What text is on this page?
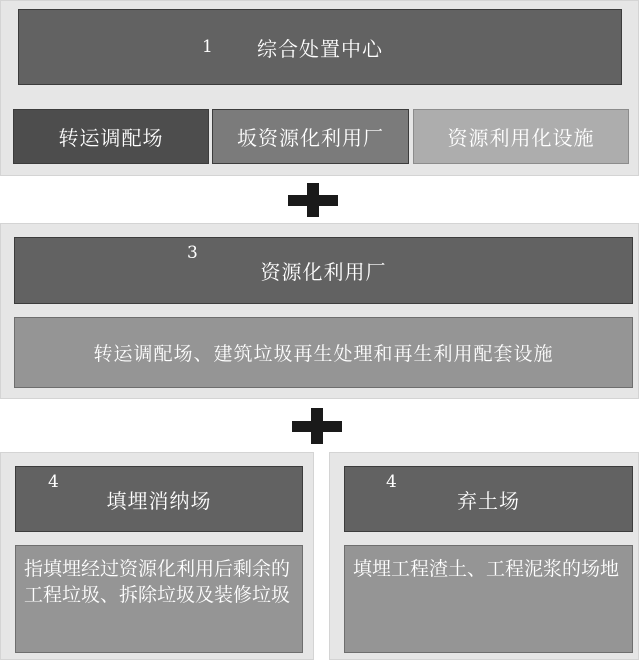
综合处置中心
1
转运调配场	坂资源化利用厂	资源利用化设施
资源化利用厂
3
转运调配场、建筑垃圾再生处理和再生利用配套设施
填埋消纳场
4
指填埋经过资源化利用后剩余的工程垃圾、拆除垃圾及装修垃圾
弃土场
4
填埋工程渣土、工程泥浆的场地
